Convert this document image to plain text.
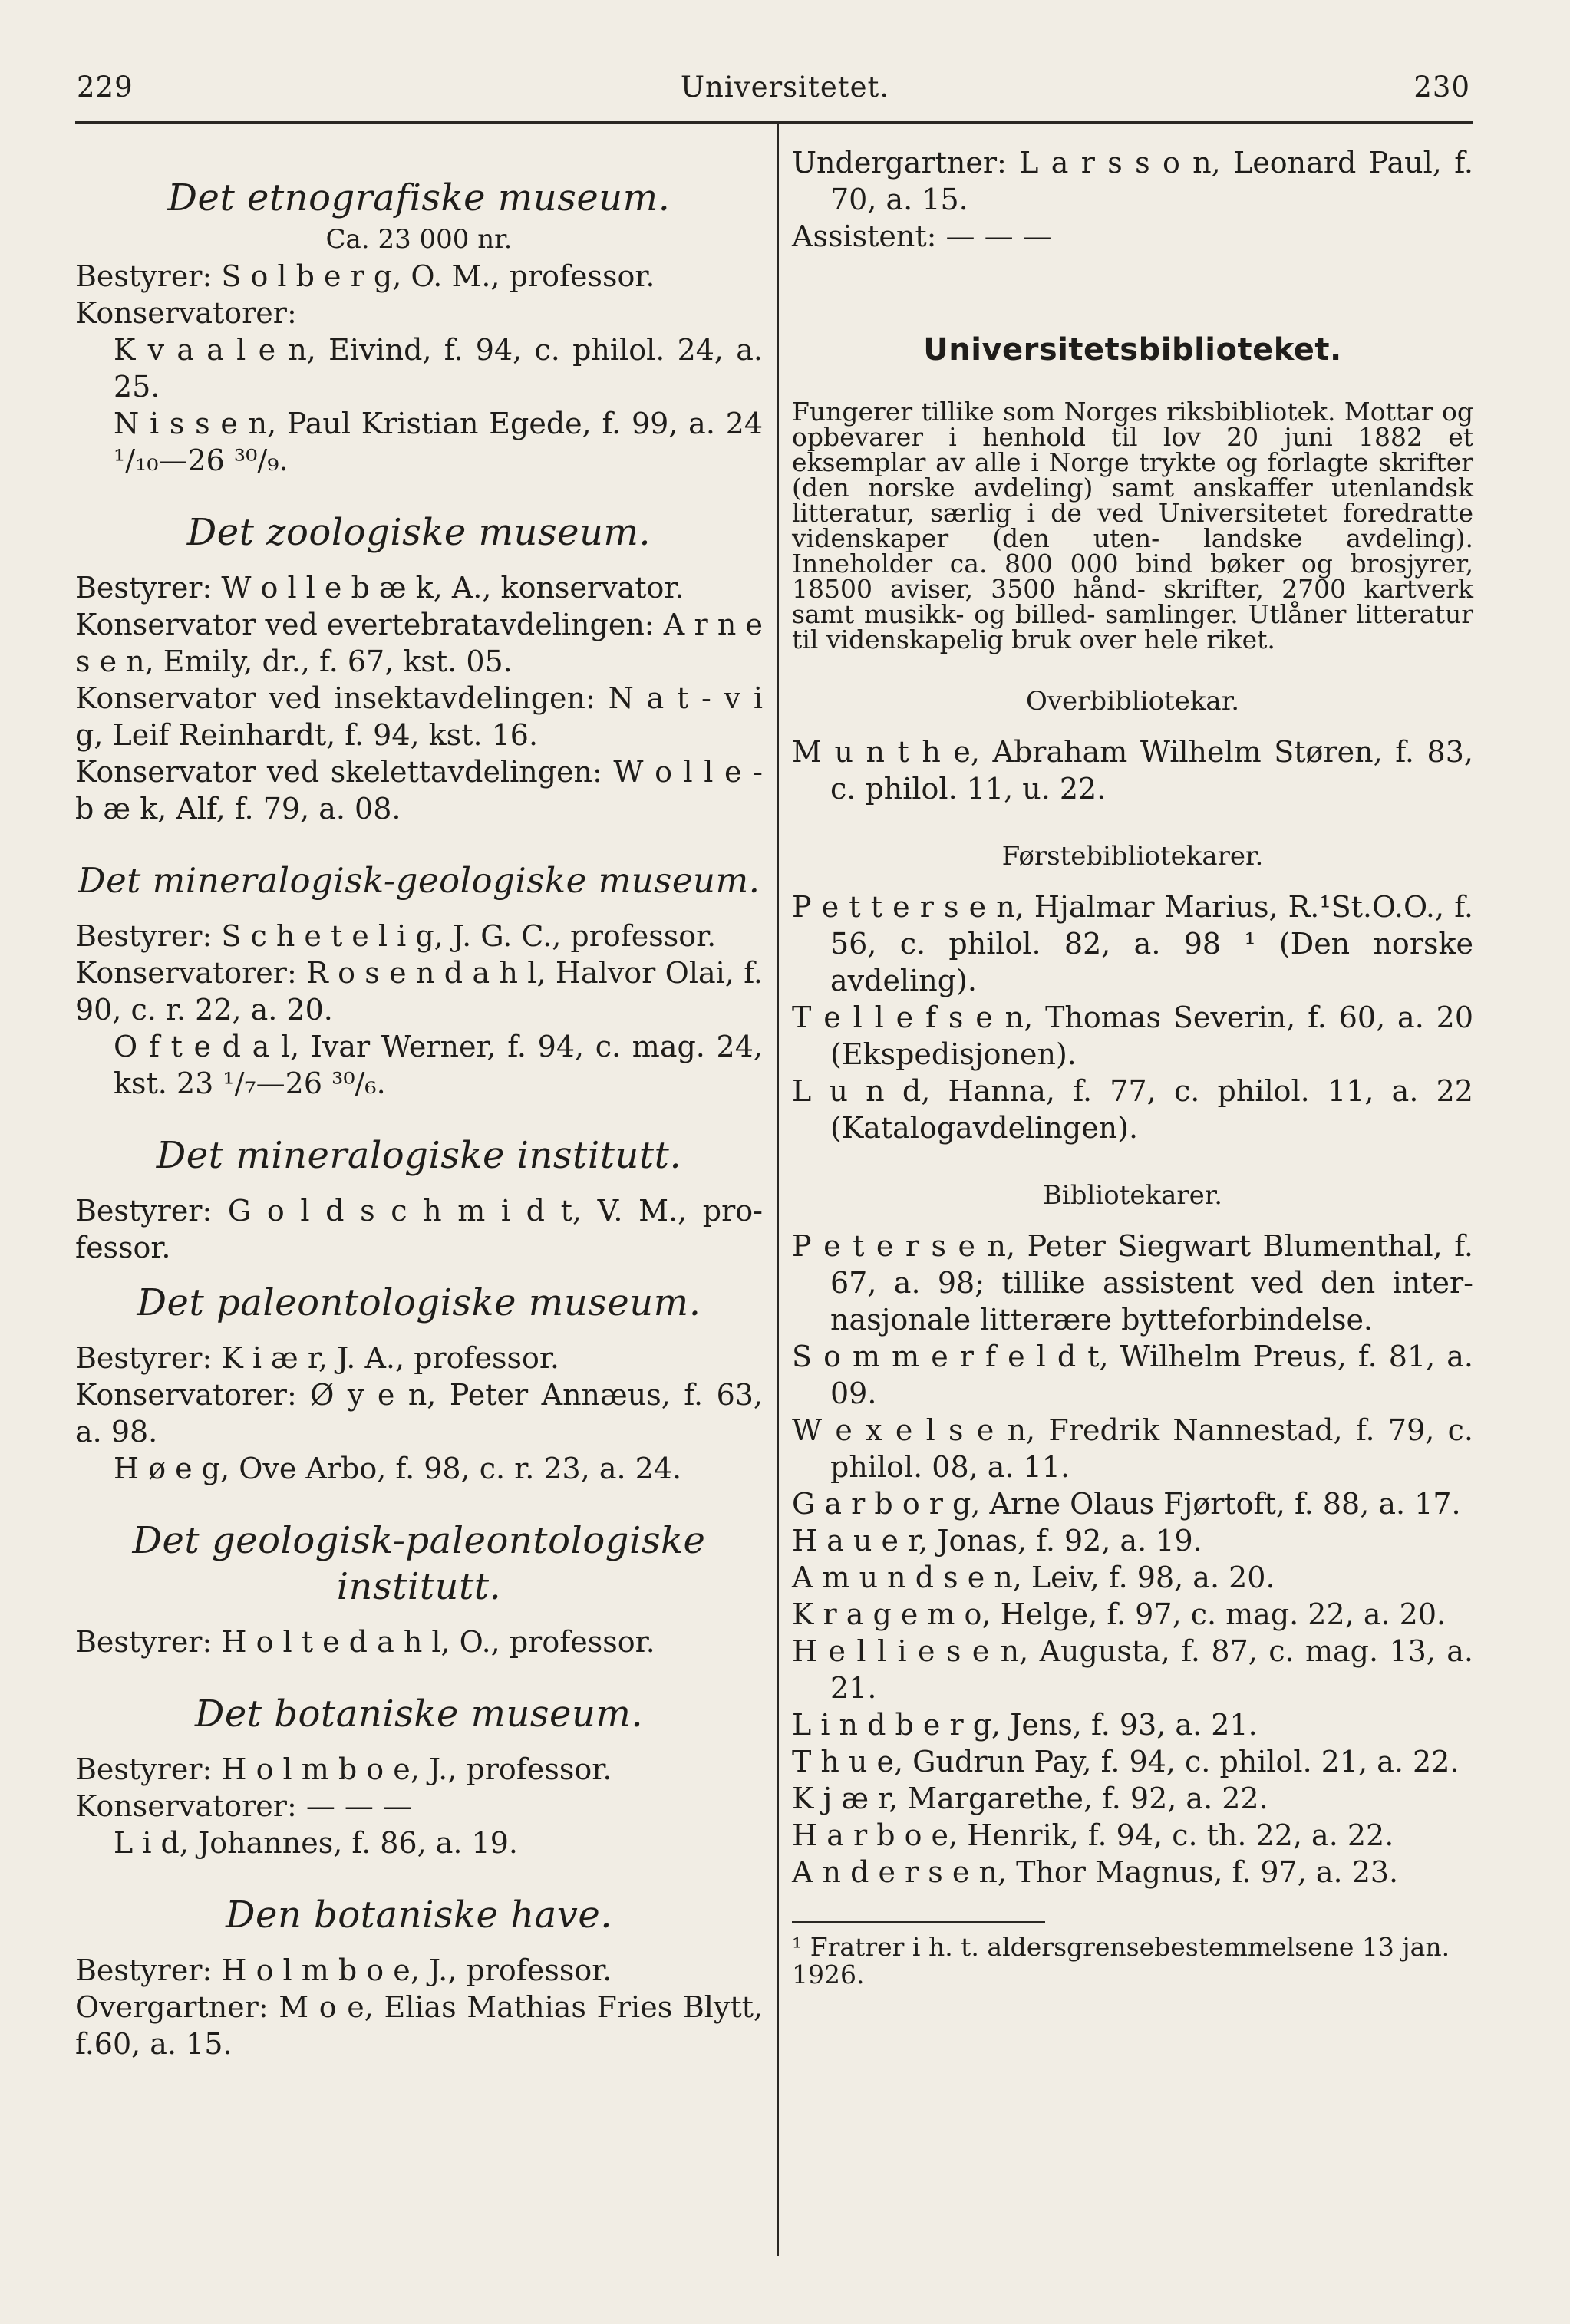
229	Universitetet.	230
Det etnografiske museum.
Ca. 23 000 nr.
Bestyrer: S o l b e r g, O. M., professor.
Konservatorer:
K v a a l e n, Eivind, f. 94, c. philol. 24, a. 25.
N i s s e n, Paul Kristian Egede, f. 99, a. 24 ¹/₁₀—26 ³⁰/₉.
Det zoologiske museum.
Bestyrer: W o l l e b æ k, A., konservator.
Konservator ved evertebratavdelingen: A r n e s e n, Emily, dr., f. 67, kst. 05.
Konservator ved insektavdelingen: N a t - v i g, Leif Reinhardt, f. 94, kst. 16.
Konservator ved skelettavdelingen: W o l l e - b æ k, Alf, f. 79, a. 08.
Det mineralogisk-geologiske museum.
Bestyrer: S c h e t e l i g, J. G. C., professor.
Konservatorer: R o s e n d a h l, Halvor Olai, f. 90, c. r. 22, a. 20.
O f t e d a l, Ivar Werner, f. 94, c. mag. 24, kst. 23 ¹/₇—26 ³⁰/₆.
Det mineralogiske institutt.
Bestyrer: G o l d s c h m i d t, V. M., pro- fessor.
Det paleontologiske museum.
Bestyrer: K i æ r, J. A., professor.
Konservatorer: Ø y e n, Peter Annæus, f. 63, a. 98.
H ø e g, Ove Arbo, f. 98, c. r. 23, a. 24.
Det geologisk-paleontologiske
institutt.
Bestyrer: H o l t e d a h l, O., professor.
Det botaniske museum.
Bestyrer: H o l m b o e, J., professor.
Konservatorer: — — —
L i d, Johannes, f. 86, a. 19.
Den botaniske have.
Bestyrer: H o l m b o e, J., professor.
Overgartner: M o e, Elias Mathias Fries Blytt, f.60, a. 15.
Undergartner: L a r s s o n, Leonard Paul, f. 70, a. 15.
Assistent: — — —
Universitetsbiblioteket.
Fungerer tillike som Norges riksbibliotek. Mottar og opbevarer i henhold til lov 20 juni 1882 et eksemplar av alle i Norge trykte og forlagte skrifter (den norske avdeling) samt anskaffer utenlandsk litteratur, særlig i de ved Universitetet foredratte videnskaper (den uten- landske avdeling). Inneholder ca. 800 000 bind bøker og brosjyrer, 18500 aviser, 3500 hånd- skrifter, 2700 kartverk samt musikk- og billed- samlinger. Utlåner litteratur til videnskapelig bruk over hele riket.
Overbibliotekar.
M u n t h e, Abraham Wilhelm Støren, f. 83, c. philol. 11, u. 22.
Førstebibliotekarer.
P e t t e r s e n, Hjalmar Marius, R.¹St.O.O., f. 56, c. philol. 82, a. 98 ¹ (Den norske avdeling).
T e l l e f s e n, Thomas Severin, f. 60, a. 20 (Ekspedisjonen).
L u n d, Hanna, f. 77, c. philol. 11, a. 22 (Katalogavdelingen).
Bibliotekarer.
P e t e r s e n, Peter Siegwart Blumenthal, f. 67, a. 98; tillike assistent ved den inter- nasjonale litterære bytteforbindelse.
S o m m e r f e l d t, Wilhelm Preus, f. 81, a. 09.
W e x e l s e n, Fredrik Nannestad, f. 79, c. philol. 08, a. 11.
G a r b o r g, Arne Olaus Fjørtoft, f. 88, a. 17.
H a u e r, Jonas, f. 92, a. 19.
A m u n d s e n, Leiv, f. 98, a. 20.
K r a g e m o, Helge, f. 97, c. mag. 22, a. 20.
H e l l i e s e n, Augusta, f. 87, c. mag. 13, a. 21.
L i n d b e r g, Jens, f. 93, a. 21.
T h u e, Gudrun Pay, f. 94, c. philol. 21, a. 22.
K j æ r, Margarethe, f. 92, a. 22.
H a r b o e, Henrik, f. 94, c. th. 22, a. 22.
A n d e r s e n, Thor Magnus, f. 97, a. 23.
¹ Fratrer i h. t. aldersgrensebestemmelsene 13 jan. 1926.
